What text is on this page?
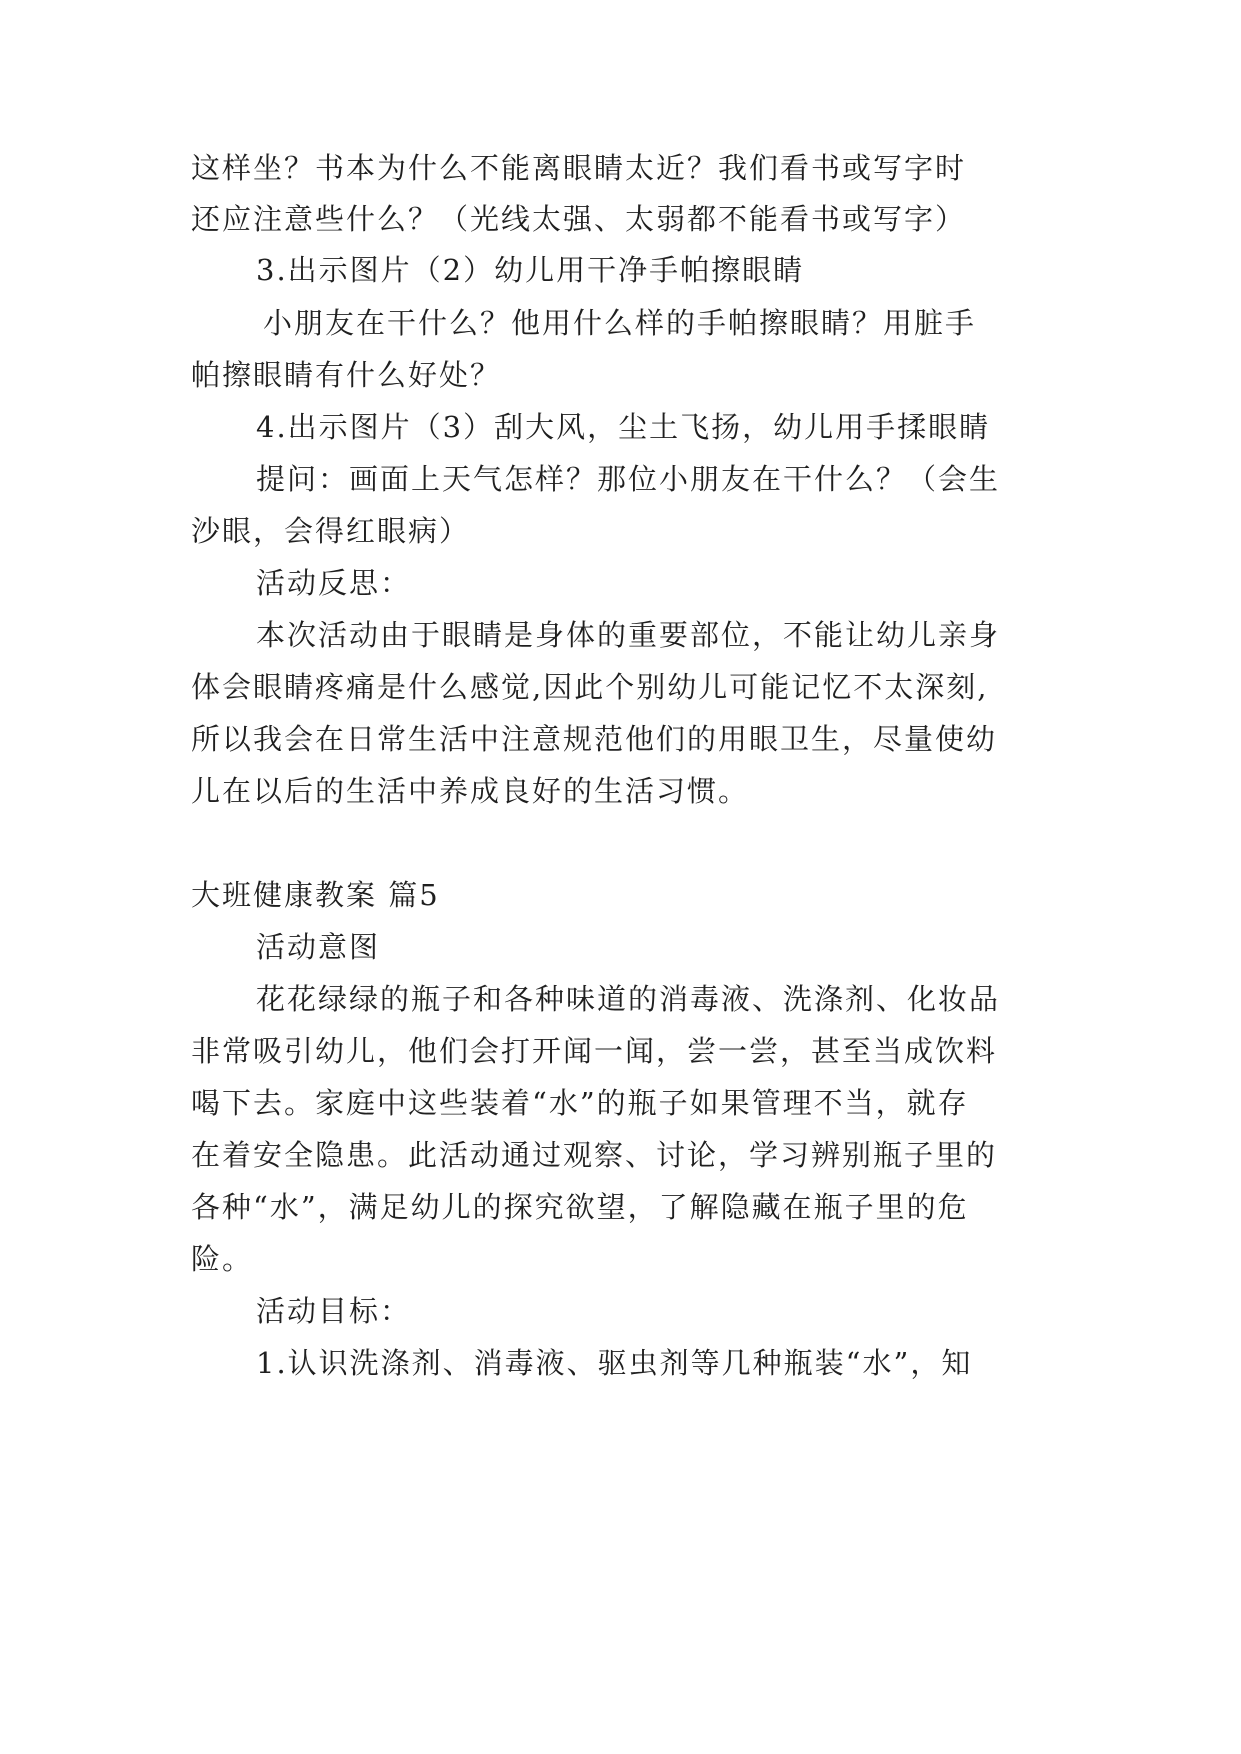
这样坐？书本为什么不能离眼睛太近？我们看书或写字时
还应注意些什么？（光线太强、太弱都不能看书或写字）
3.出示图片（2）幼儿用干净手帕擦眼睛
小朋友在干什么？他用什么样的手帕擦眼睛？用脏手
帕擦眼睛有什么好处？
4.出示图片（3）刮大风，尘土飞扬，幼儿用手揉眼睛
提问：画面上天气怎样？那位小朋友在干什么？（会生
沙眼，会得红眼病）
活动反思：
本次活动由于眼睛是身体的重要部位，不能让幼儿亲身
体会眼睛疼痛是什么感觉,因此个别幼儿可能记忆不太深刻,
所以我会在日常生活中注意规范他们的用眼卫生，尽量使幼
儿在以后的生活中养成良好的生活习惯。
大班健康教案 篇5
活动意图
花花绿绿的瓶子和各种味道的消毒液、洗涤剂、化妆品
非常吸引幼儿，他们会打开闻一闻，尝一尝，甚至当成饮料
喝下去。家庭中这些装着“水”的瓶子如果管理不当，就存
在着安全隐患。此活动通过观察、讨论，学习辨别瓶子里的
各种“水”，满足幼儿的探究欲望，了解隐藏在瓶子里的危
险。
活动目标：
1.认识洗涤剂、消毒液、驱虫剂等几种瓶装“水”，知
